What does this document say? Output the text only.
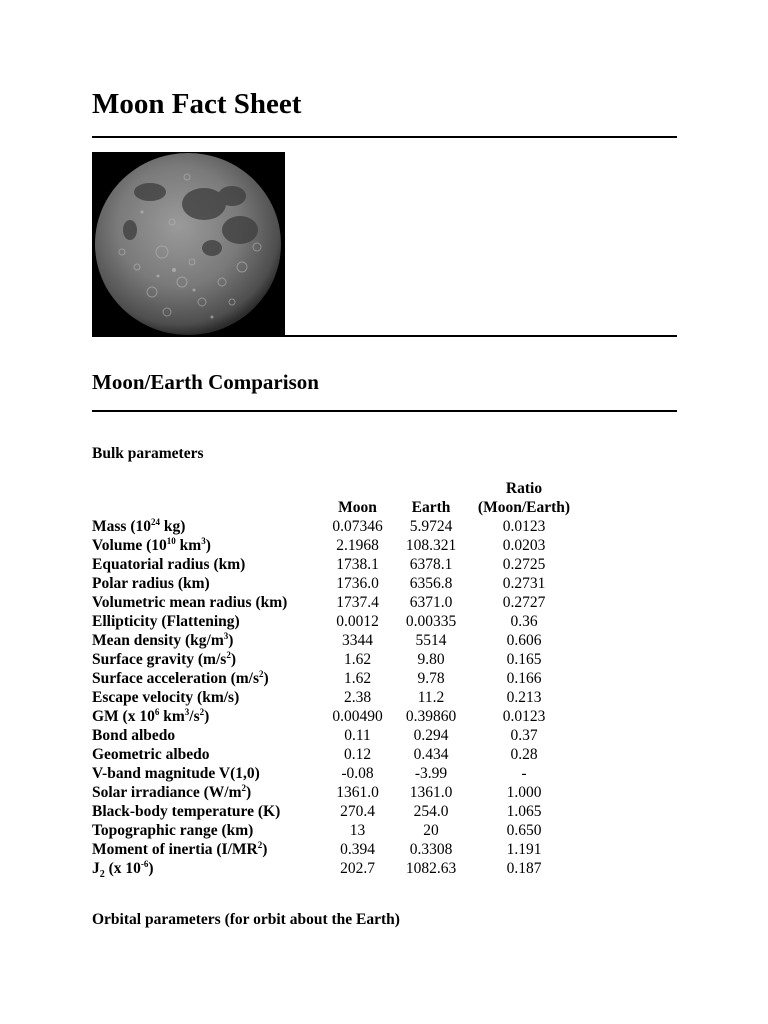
Moon Fact Sheet
Moon/Earth Comparison
Bulk parameters
			Ratio
	Moon	Earth	(Moon/Earth)
Mass ($10^{24}$ kg)	0.07346	5.9724	0.0123
Volume ($10^{10}$ $km^3$)	2.1968	108.321	0.0203
Equatorial radius (km)	1738.1	6378.1	0.2725
Polar radius (km)	1736.0	6356.8	0.2731
Volumetric mean radius (km)	1737.4	6371.0	0.2727
Ellipticity (Flattening)	0.0012	0.00335	0.36
Mean density $(kg/m^3)$	3344	5514	0.606
Surface gravity $(m/s^2)$	1.62	9.80	0.165
Surface acceleration $(m/s^2)$	1.62	9.78	0.166
Escape velocity (km/s)	2.38	11.2	0.213
GM (x $10^6$ $km^3/s^2$)	0.00490	0.39860	0.0123
Bond albedo	0.11	0.294	0.37
Geometric albedo	0.12	0.434	0.28
V-band magnitude V(1,0)	-0.08	-3.99	-
Solar irradiance $(W/m^2)$	1361.0	1361.0	1.000
Black-body temperature (K)	270.4	254.0	1.065
Topographic range (km)	13	20	0.650
Moment of inertia $(I/MR^2)$	0.394	0.3308	1.191
$J_2$ (x $10^{-6}$)	202.7	1082.63	0.187
Orbital parameters (for orbit about the Earth)
